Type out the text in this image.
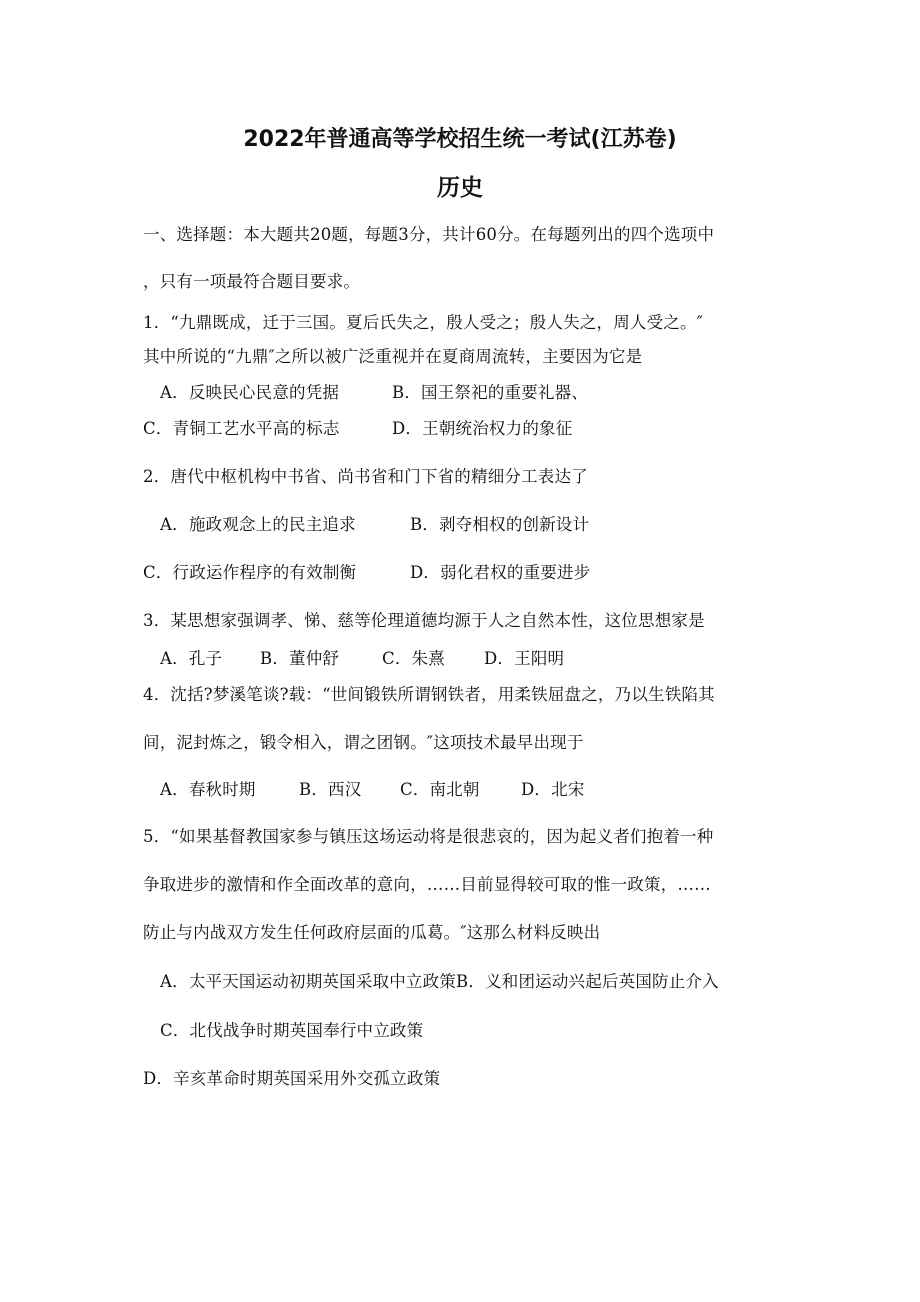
2022年普通高等学校招生统一考试(江苏卷)
历史
一、选择题：本大题共20题，每题3分，共计60分。在每题列出的四个选项中
，只有一项最符合题目要求。
1．“九鼎既成，迁于三国。夏后氏失之，殷人受之；殷人失之，周人受之。″
其中所说的“九鼎″之所以被广泛重视并在夏商周流转，主要因为它是
A．反映民心民意的凭据	B．国王祭祀的重要礼器、
C．青铜工艺水平高的标志	D．王朝统治权力的象征
2．唐代中枢机构中书省、尚书省和门下省的精细分工表达了
A．施政观念上的民主追求	B．剥夺相权的创新设计
C．行政运作程序的有效制衡	D．弱化君权的重要进步
3．某思想家强调孝、悌、慈等伦理道德均源于人之自然本性，这位思想家是
A．孔子 B．董仲舒	C．朱熹 D．王阳明
4．沈括?梦溪笔谈?载：“世间锻铁所谓钢铁者，用柔铁屈盘之，乃以生铁陷其
间，泥封炼之，锻令相入，谓之团钢。″这项技术最早出现于
A．春秋时期	B．西汉 C．南北朝	D．北宋
5．“如果基督教国家参与镇压这场运动将是很悲哀的，因为起义者们抱着一种
争取进步的激情和作全面改革的意向，……目前显得较可取的惟一政策，……
防止与内战双方发生任何政府层面的瓜葛。″这那么材料反映出
A．太平天国运动初期英国采取中立政策B．义和团运动兴起后英国防止介入
C．北伐战争时期英国奉行中立政策
D．辛亥革命时期英国采用外交孤立政策
